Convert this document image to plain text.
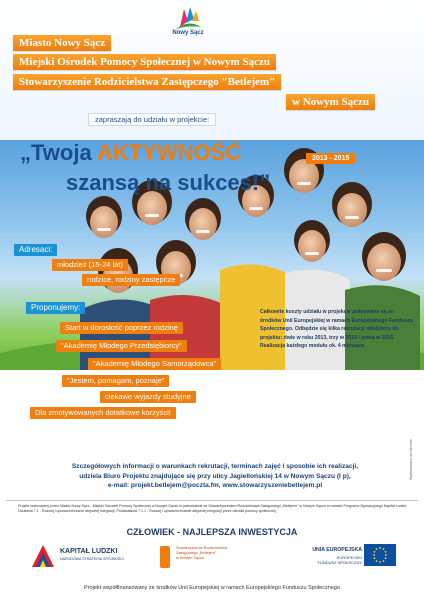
Nowy Sącz
Miasto Nowy Sącz
Miejski Ośrodek Pomocy Społecznej w Nowym Sączu
Stowarzyszenie Rodzicielstwa Zastępczego "Betlejem"
w Nowym Sączu
zapraszają do udziału w projekcie:
„Twoja AKTYWNOŚĆ
szansą na sukces!”
2013 - 2015
Adresaci:
młodzież (15-24 lat)
rodzice, rodziny zastępcze
Proponujemy:
Start w dorosłość poprzez rodzinę
"Akademię Młodego Przedsiębiorcy"
"Akademię Młodego Samorządowca"
"Jestem, pomagam, poznaje"
ciekawe wyjazdy studyjne
Dla zmotywowanych dotatkowe korzyści!
Całkowite koszty udziału w projekcie pokrywane są ze środków Unii Europejskiej w ramach Europejskiego Funduszu Społecznego. Odbędzie się kilka rekrutacji młodzieży do projektu: dwie w roku 2013, trzy w 2014 i jedna w 2015. Realizacja każdego modułu ok. 4 miesiące.
Szczegółowych informacji o warunkach rekrutacji, terminach zajęć i sposobie ich realizacji,
udziela Biuro Projektu znajdujące się przy ulicy Jagiellońskiej 14 w Nowym Sączu (I p),
e-mail: projekt.betlejem@poczta.fm, www.stowarzyszeniebetlejem.pl
Projekt realizowany przez Miasto Nowy Sącz - Miejski Ośrodek Pomocy Społecznej w Nowym Sączu w partnerstwie ze Stowarzyszeniem Rodzicielstwa Zastępczego „Betlejem” w Nowym Sączu w ramach Programu Operacyjnego Kapitał Ludzki, Działania 7.1 - Rozwój i upowszechnianie aktywnej integracji, Poddziałania 7.1.1 - Rozwój i upowszechnianie aktywnej integracji przez ośrodki pomocy społecznej.
CZŁOWIEK - NAJLEPSZA INWESTYCJA
KAPITAŁ LUDZKI
NARODOWA STRATEGIA SPÓJNOŚCI
Stowarzyszenie Rodzicielstwa
Zastępczego „Betlejem”
w Nowym Sączu
UNIA EUROPEJSKA
EUROPEJSKI
FUNDUSZ SPOŁECZNY
Projekt współfinansowany ze środków Unii Europejskiej w ramach Europejskiego Funduszu Społecznego
Wydrukowano na zlecenie
